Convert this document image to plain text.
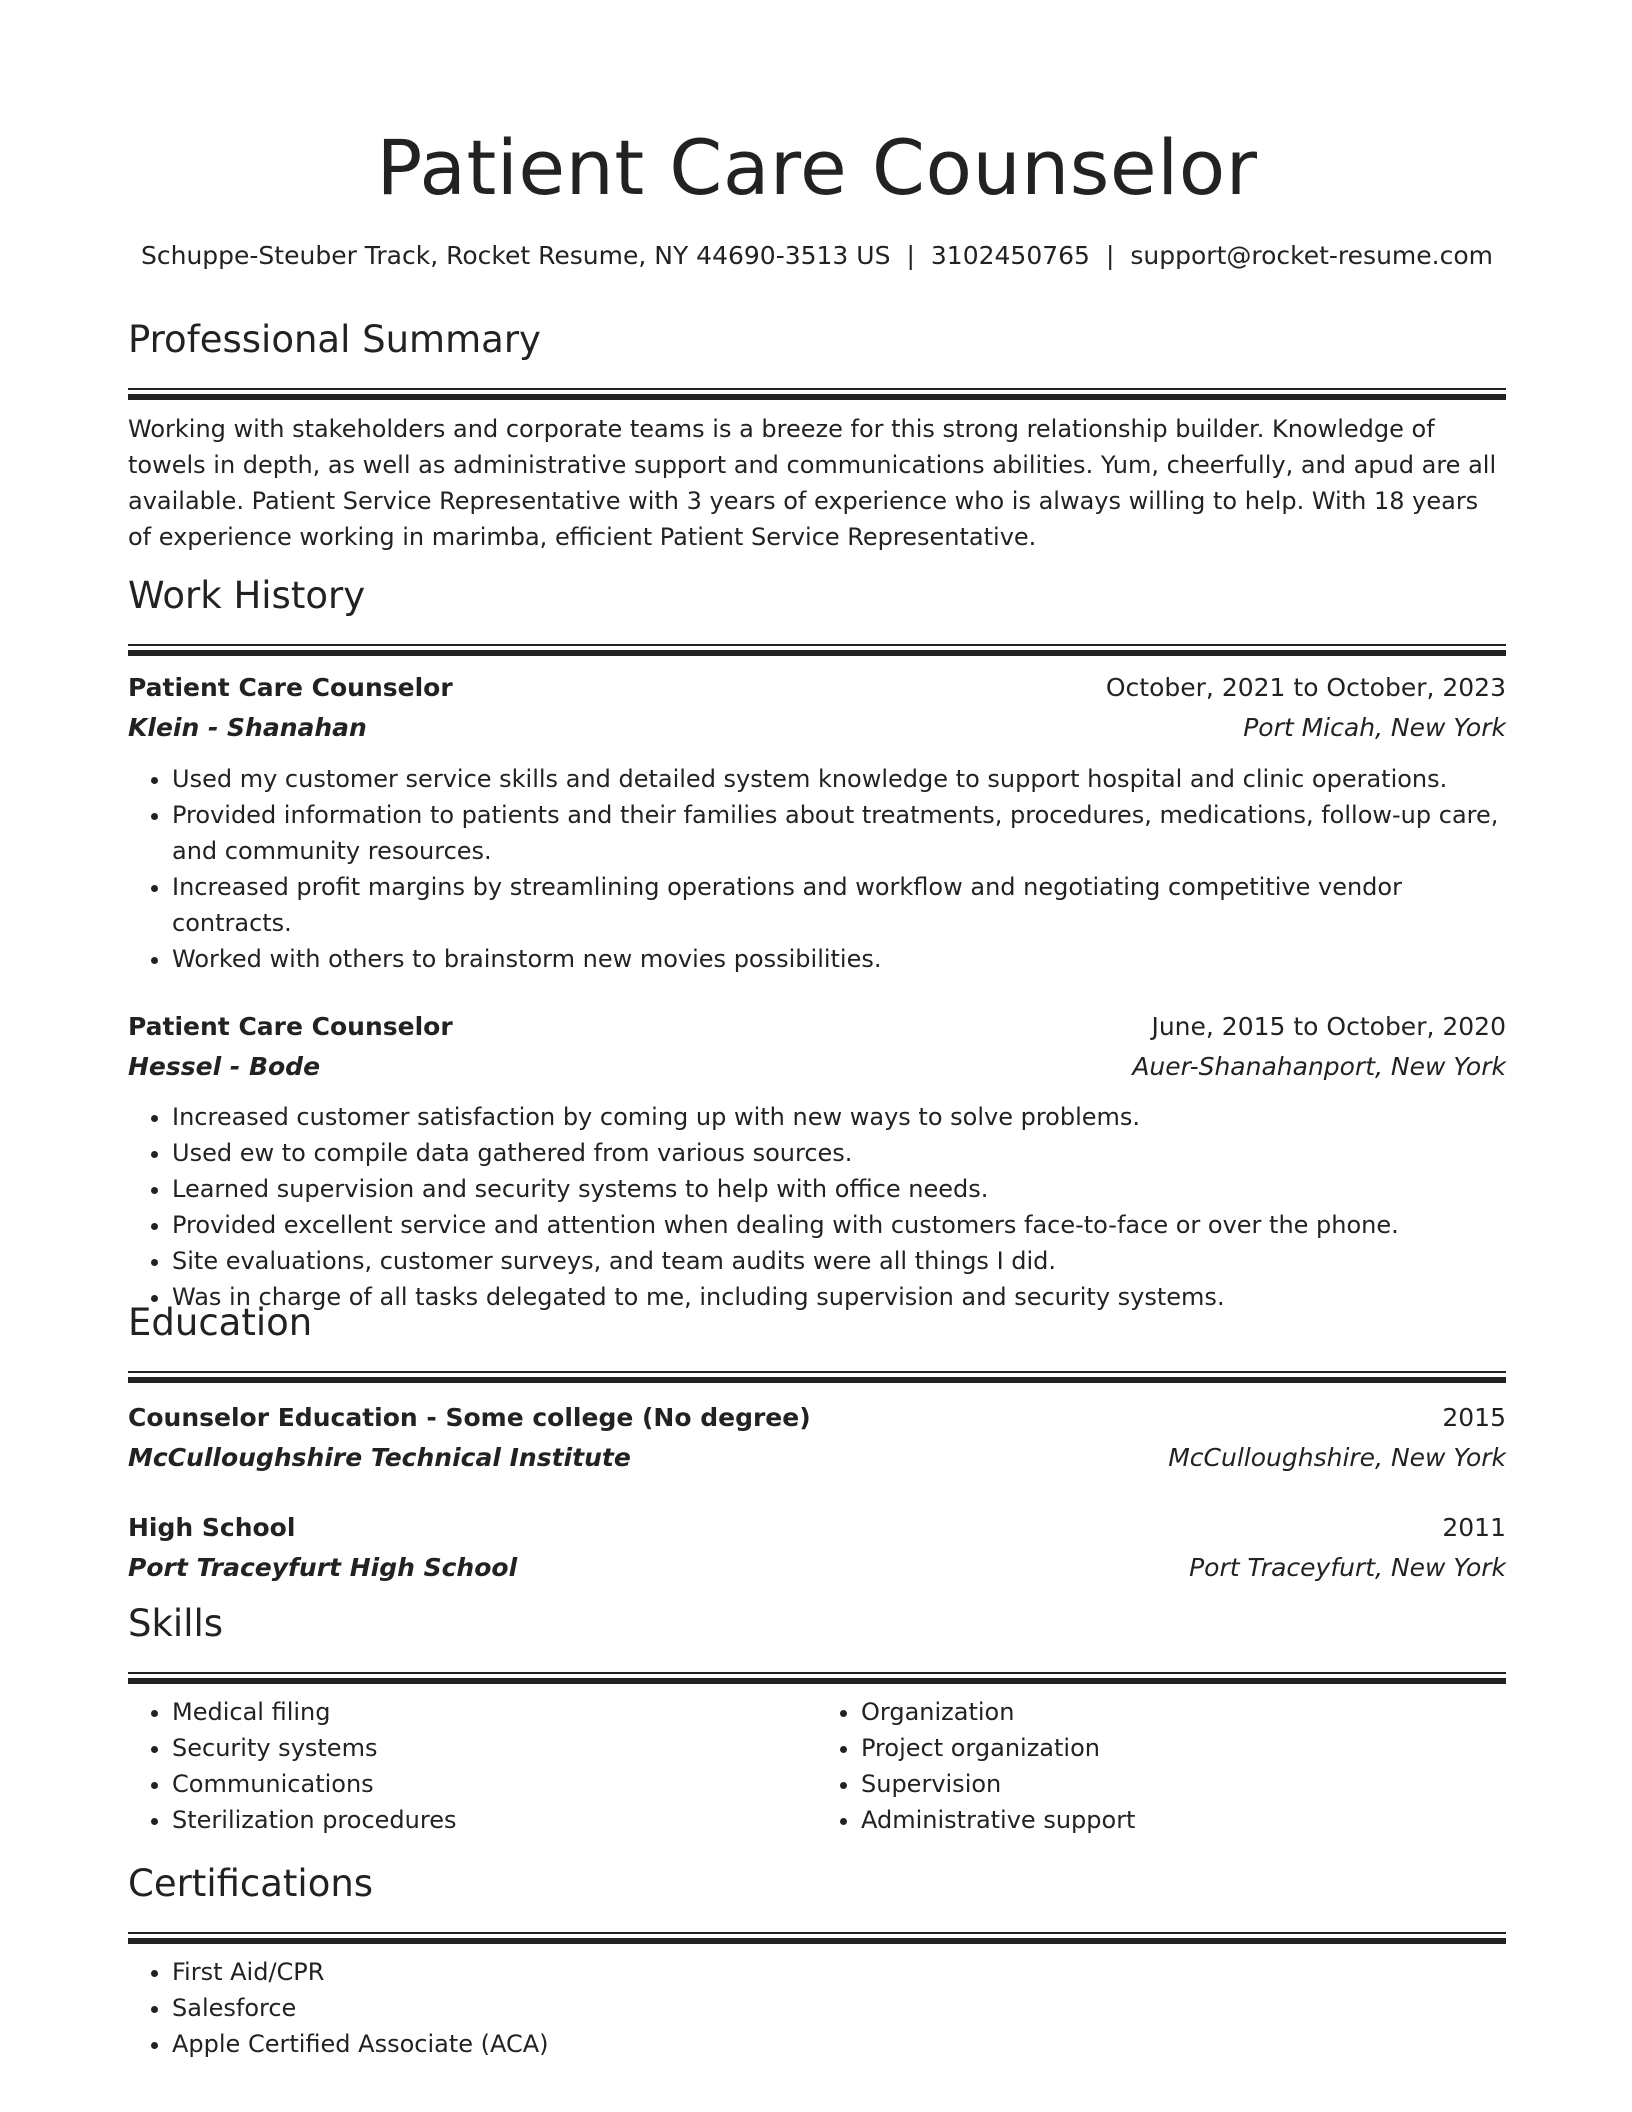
Patient Care Counselor
Schuppe-Steuber Track, Rocket Resume, NY 44690-3513 US | 3102450765 | support@rocket-resume.com
Professional Summary
Working with stakeholders and corporate teams is a breeze for this strong relationship builder. Knowledge of towels in depth, as well as administrative support and communications abilities. Yum, cheerfully, and apud are all available. Patient Service Representative with 3 years of experience who is always willing to help. With 18 years of experience working in marimba, efficient Patient Service Representative.
Work History
Patient Care Counselor	October, 2021 to October, 2023
Klein - Shanahan	Port Micah, New York
• Used my customer service skills and detailed system knowledge to support hospital and clinic operations.
• Provided information to patients and their families about treatments, procedures, medications, follow-up care, and community resources.
• Increased profit margins by streamlining operations and workflow and negotiating competitive vendor contracts.
• Worked with others to brainstorm new movies possibilities.
Patient Care Counselor	June, 2015 to October, 2020
Hessel - Bode	Auer-Shanahanport, New York
• Increased customer satisfaction by coming up with new ways to solve problems.
• Used ew to compile data gathered from various sources.
• Learned supervision and security systems to help with office needs.
• Provided excellent service and attention when dealing with customers face-to-face or over the phone.
• Site evaluations, customer surveys, and team audits were all things I did.
• Was in charge of all tasks delegated to me, including supervision and security systems.
Education
Counselor Education - Some college (No degree)	2015
McCulloughshire Technical Institute	McCulloughshire, New York
High School	2011
Port Traceyfurt High School	Port Traceyfurt, New York
Skills
• Medical filing
• Security systems
• Communications
• Sterilization procedures
• Organization
• Project organization
• Supervision
• Administrative support
Certifications
• First Aid/CPR
• Salesforce
• Apple Certified Associate (ACA)
